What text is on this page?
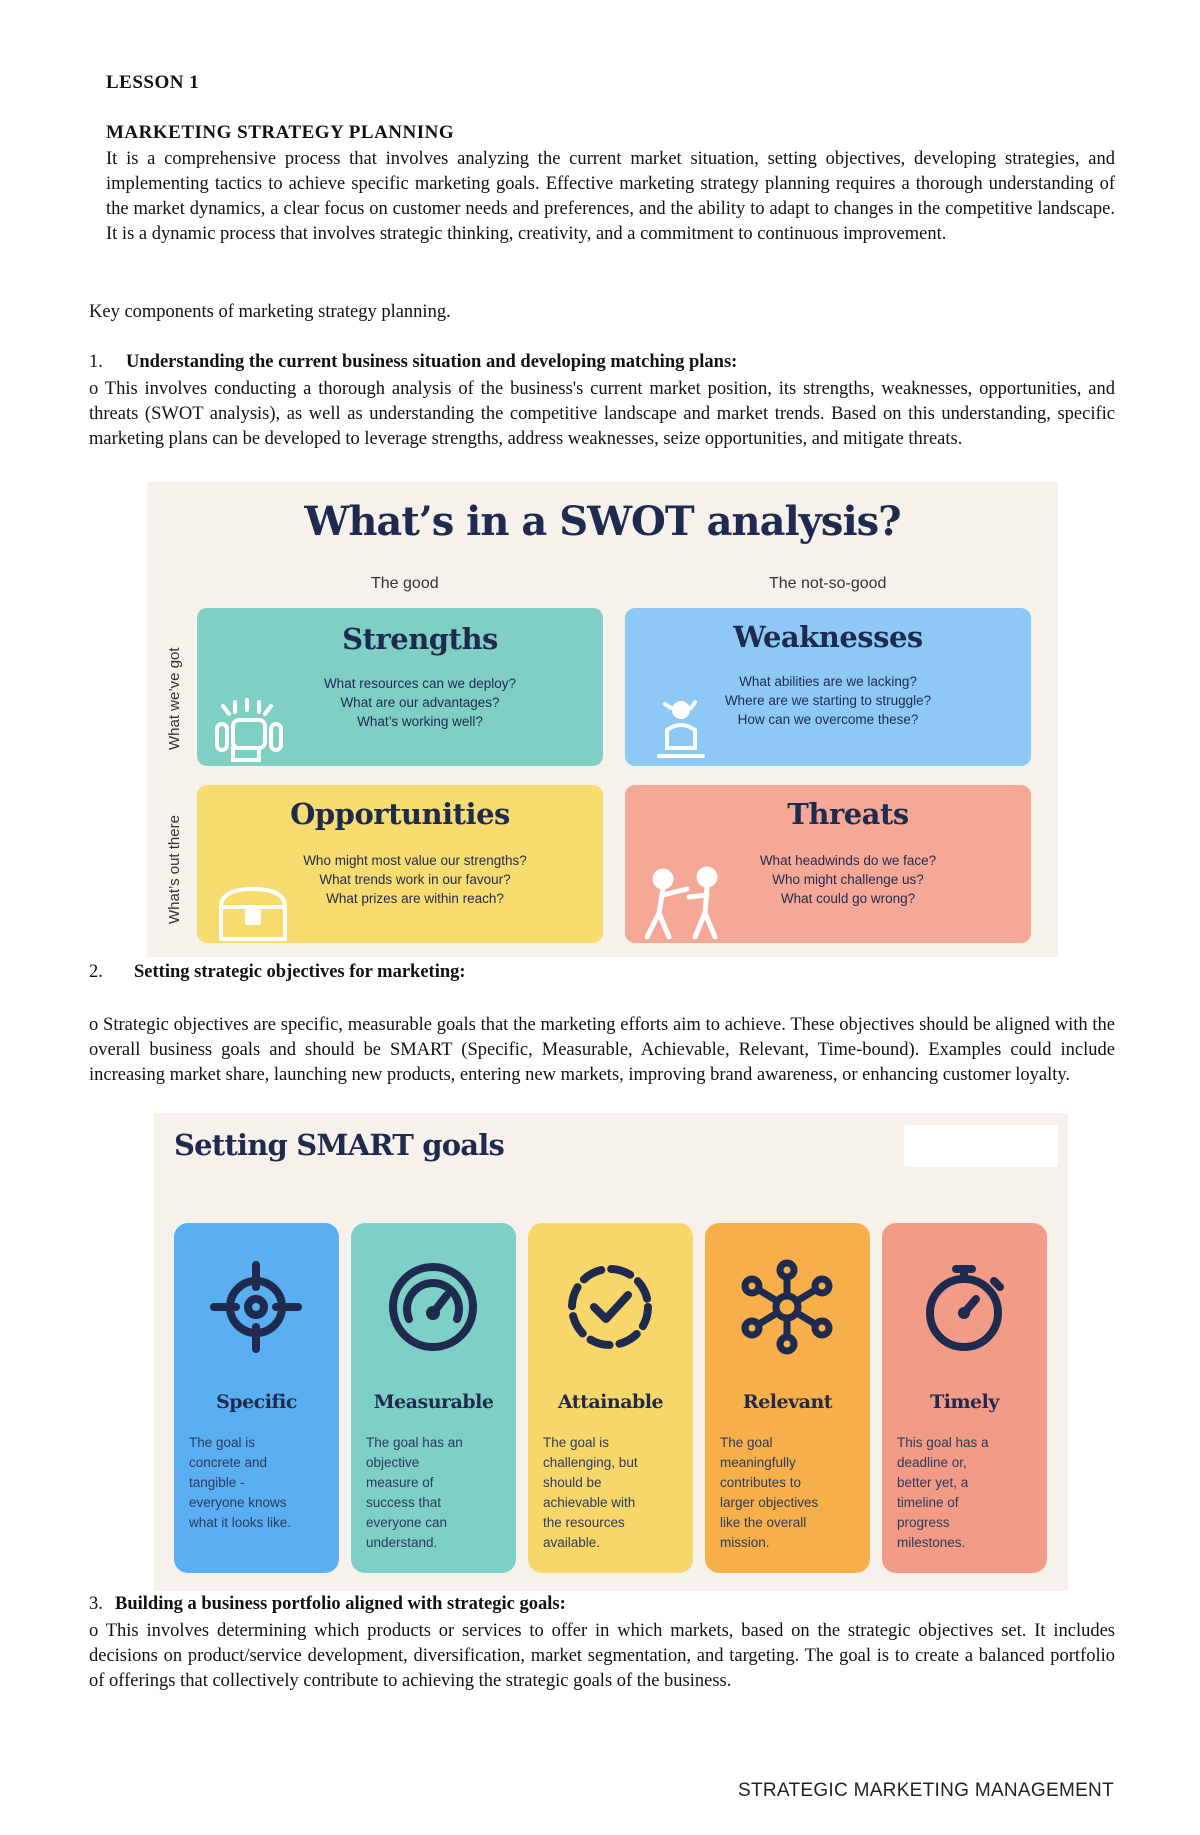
LESSON 1
MARKETING STRATEGY PLANNING
It is a comprehensive process that involves analyzing the current market situation, setting objectives, developing strategies, and implementing tactics to achieve specific marketing goals. Effective marketing strategy planning requires a thorough understanding of the market dynamics, a clear focus on customer needs and preferences, and the ability to adapt to changes in the competitive landscape. It is a dynamic process that involves strategic thinking, creativity, and a commitment to continuous improvement.
Key components of marketing strategy planning.
1. Understanding the current business situation and developing matching plans:
o This involves conducting a thorough analysis of the business's current market position, its strengths, weaknesses, opportunities, and threats (SWOT analysis), as well as understanding the competitive landscape and market trends. Based on this understanding, specific marketing plans can be developed to leverage strengths, address weaknesses, seize opportunities, and mitigate threats.
What’s in a SWOT analysis?
The good	The not-so-good
What we’ve got
What’s out there
Strengths
What resources can we deploy?
What are our advantages?
What’s working well?
Weaknesses
What abilities are we lacking?
Where are we starting to struggle?
How can we overcome these?
Opportunities
Who might most value our strengths?
What trends work in our favour?
What prizes are within reach?
Threats
What headwinds do we face?
Who might challenge us?
What could go wrong?
2. Setting strategic objectives for marketing:
o Strategic objectives are specific, measurable goals that the marketing efforts aim to achieve. These objectives should be aligned with the overall business goals and should be SMART (Specific, Measurable, Achievable, Relevant, Time-bound). Examples could include increasing market share, launching new products, entering new markets, improving brand awareness, or enhancing customer loyalty.
Setting SMART goals
Specific
The goal is
concrete and
tangible -
everyone knows
what it looks like.
Measurable
The goal has an
objective
measure of
success that
everyone can
understand.
Attainable
The goal is
challenging, but
should be
achievable with
the resources
available.
Relevant
The goal
meaningfully
contributes to
larger objectives
like the overall
mission.
Timely
This goal has a
deadline or,
better yet, a
timeline of
progress
milestones.
3. Building a business portfolio aligned with strategic goals:
o This involves determining which products or services to offer in which markets, based on the strategic objectives set. It includes decisions on product/service development, diversification, market segmentation, and targeting. The goal is to create a balanced portfolio of offerings that collectively contribute to achieving the strategic goals of the business.
STRATEGIC MARKETING MANAGEMENT
